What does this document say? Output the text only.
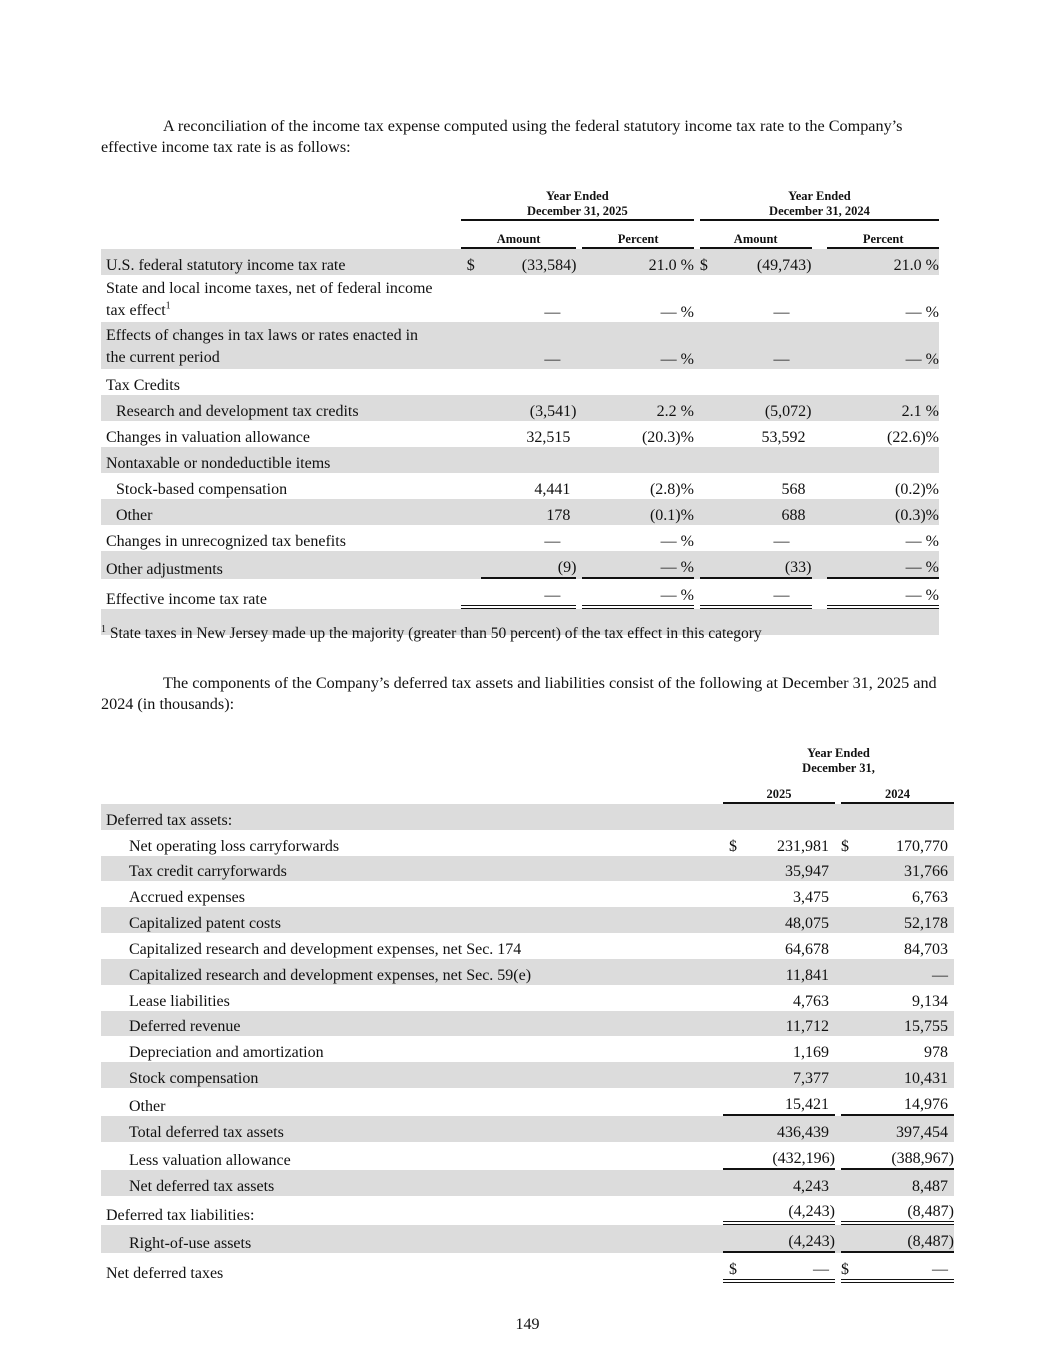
A reconciliation of the income tax expense computed using the federal statutory income tax rate to the Company’s effective income tax rate is as follows:

Year Ended
December 31, 2025

Year Ended
December 31, 2024

	Amount			Percent		Amount			Percent
U.S. federal statutory income tax rate	$	(33,584)		21.0 %		$	(49,743)		21.0 %

State and local income taxes, net of federal income
tax effect$^1$		—		— %			—		— %

Effects of changes in tax laws or rates enacted in
the current period		—		— %			—		— %
Tax Credits									
Research and development tax credits		(3,541)		2.2 %			(5,072)		2.1 %
Changes in valuation allowance		32,515		(20.3)%			53,592		(22.6)%
Nontaxable or nondeductible items									
Stock-based compensation		4,441		(2.8)%			568		(0.2)%
Other		178		(0.1)%			688		(0.3)%
Changes in unrecognized tax benefits		—		— %			—		— %
Other adjustments		(9)		— %			(33)		— %
Effective income tax rate		—		— %			—		— %

$^1$ State taxes in New Jersey made up the majority (greater than 50 percent) of the tax effect in this category
The components of the Company’s deferred tax assets and liabilities consist of the following at December 31, 2025 and 2024 (in thousands):

	Year Ended
December 31,				

	2025			2024	
Deferred tax assets:					
Net operating loss carryforwards	$	231,981		$	170,770
Tax credit carryforwards		35,947			31,766
Accrued expenses		3,475			6,763
Capitalized patent costs		48,075			52,178
Capitalized research and development expenses, net Sec. 174		64,678			84,703
Capitalized research and development expenses, net Sec. 59(e)		11,841			—
Lease liabilities		4,763			9,134
Deferred revenue		11,712			15,755
Depreciation and amortization		1,169			978
Stock compensation		7,377			10,431
Other		15,421			14,976
Total deferred tax assets		436,439			397,454
Less valuation allowance		(432,196)			(388,967)
Net deferred tax assets		4,243			8,487
Deferred tax liabilities:		(4,243)			(8,487)
Right-of-use assets		(4,243)			(8,487)
Net deferred taxes	$	—		$	—
149
